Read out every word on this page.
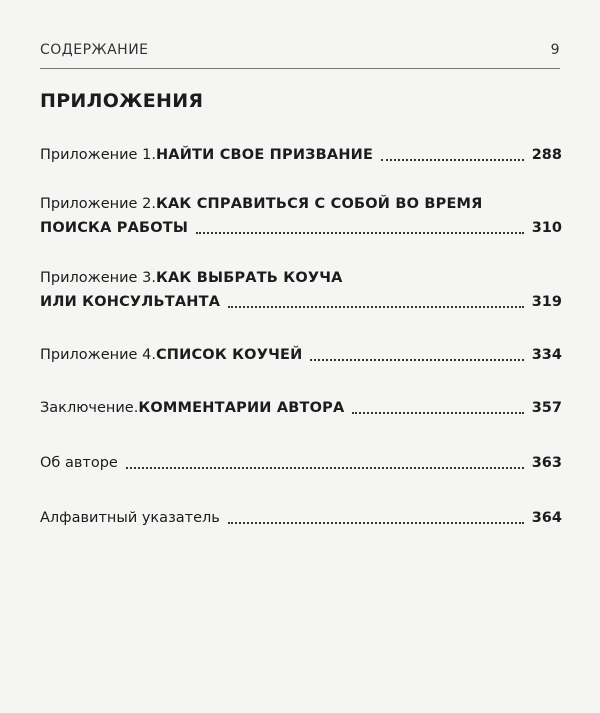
СОДЕРЖАНИЕ	9
ПРИЛОЖЕНИЯ
Приложение 1. НАЙТИ СВОЕ ПРИЗВАНИЕ	288
Приложение 2. КАК СПРАВИТЬСЯ С СОБОЙ ВО ВРЕМЯ
ПОИСКА РАБОТЫ	310
Приложение 3. КАК ВЫБРАТЬ КОУЧА
ИЛИ КОНСУЛЬТАНТА	319
Приложение 4. СПИСОК КОУЧЕЙ	334
Заключение. КОММЕНТАРИИ АВТОРА	357
Об авторе	363
Алфавитный указатель	364
